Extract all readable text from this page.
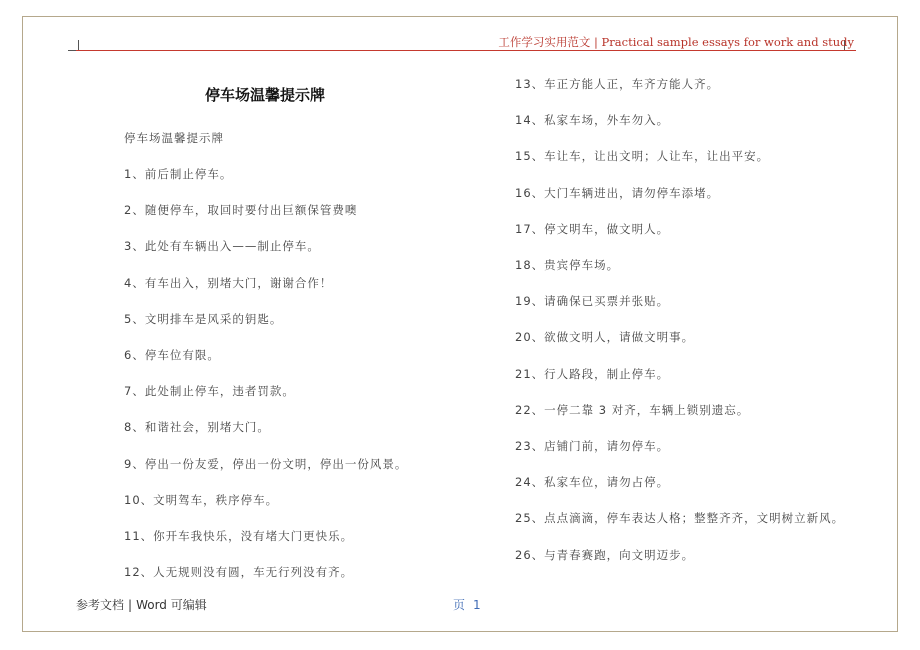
工作学习实用范文 | Practical sample essays for work and study
停车场温馨提示牌
停车场温馨提示牌
1、前后制止停车。
2、随便停车，取回时要付出巨额保管费噢
3、此处有车辆出入——制止停车。
4、有车出入，别堵大门，谢谢合作！
5、文明排车是风采的钥匙。
6、停车位有限。
7、此处制止停车，违者罚款。
8、和谐社会，别堵大门。
9、停出一份友爱，停出一份文明，停出一份风景。
10、文明驾车，秩序停车。
11、你开车我快乐，没有堵大门更快乐。
12、人无规则没有圆，车无行列没有齐。
13、车正方能人正，车齐方能人齐。
14、私家车场，外车勿入。
15、车让车，让出文明；人让车，让出平安。
16、大门车辆进出，请勿停车添堵。
17、停文明车，做文明人。
18、贵宾停车场。
19、请确保已买票并张贴。
20、欲做文明人，请做文明事。
21、行人路段，制止停车。
22、一停二靠 3 对齐，车辆上锁别遗忘。
23、店铺门前，请勿停车。
24、私家车位，请勿占停。
25、点点滴滴，停车表达人格；整整齐齐，文明树立新风。
26、与青春赛跑，向文明迈步。
参考文档 | Word 可编辑	页 1
